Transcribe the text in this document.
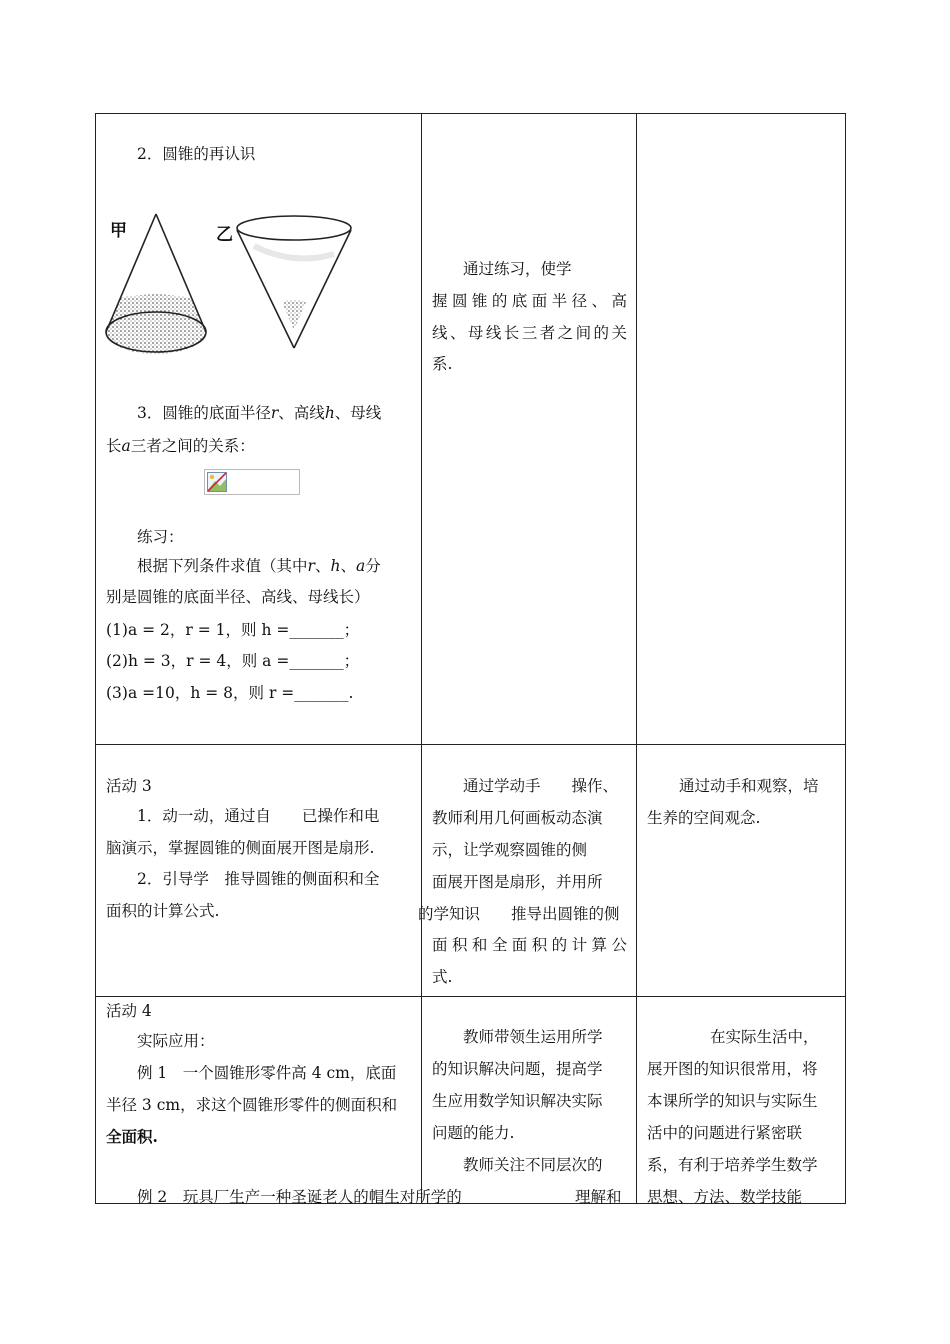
2．圆锥的再认识
甲	乙
3．圆锥的底面半径r、高线h、母线
长a三者之间的关系：
练习：
根据下列条件求值（其中r、h、a分
别是圆锥的底面半径、高线、母线长）
(1)a = 2，r = 1，则 h =_______；
(2)h = 3，r = 4，则 a =_______；
(3)a =10，h = 8，则 r =_______.
通过练习，使学
握圆锥的底面半径、高
线、母线长三者之间的关
系.
活动 3
1．动一动，通过自　　 已操作和电
脑演示，掌握圆锥的侧面展开图是扇形.
2．引导学　 推导圆锥的侧面积和全
面积的计算公式.
通过学动手　　 操作、
教师利用几何画板动态演
示，让学观察圆锥的侧
面展开图是扇形，并用所
的学知识　　 推导出圆锥的侧
面积和全面积的计算公
式.
通过动手和观察，培
生养的空间观念.
活动 4
实际应用：
例 1　一个圆锥形零件高 4 cm，底面
半径 3 cm，求这个圆锥形零件的侧面积和
全面积.
例 2　玩具厂生产一种圣诞老人的帽生对所学的
教师带领生运用所学
的知识解决问题，提高学
生应用数学知识解决实际
问题的能力.
教师关注不同层次的
理解和
在实际生活中，
展开图的知识很常用，将
本课所学的知识与实际生
活中的问题进行紧密联
系，有利于培养学生数学
思想、方法、数学技能
